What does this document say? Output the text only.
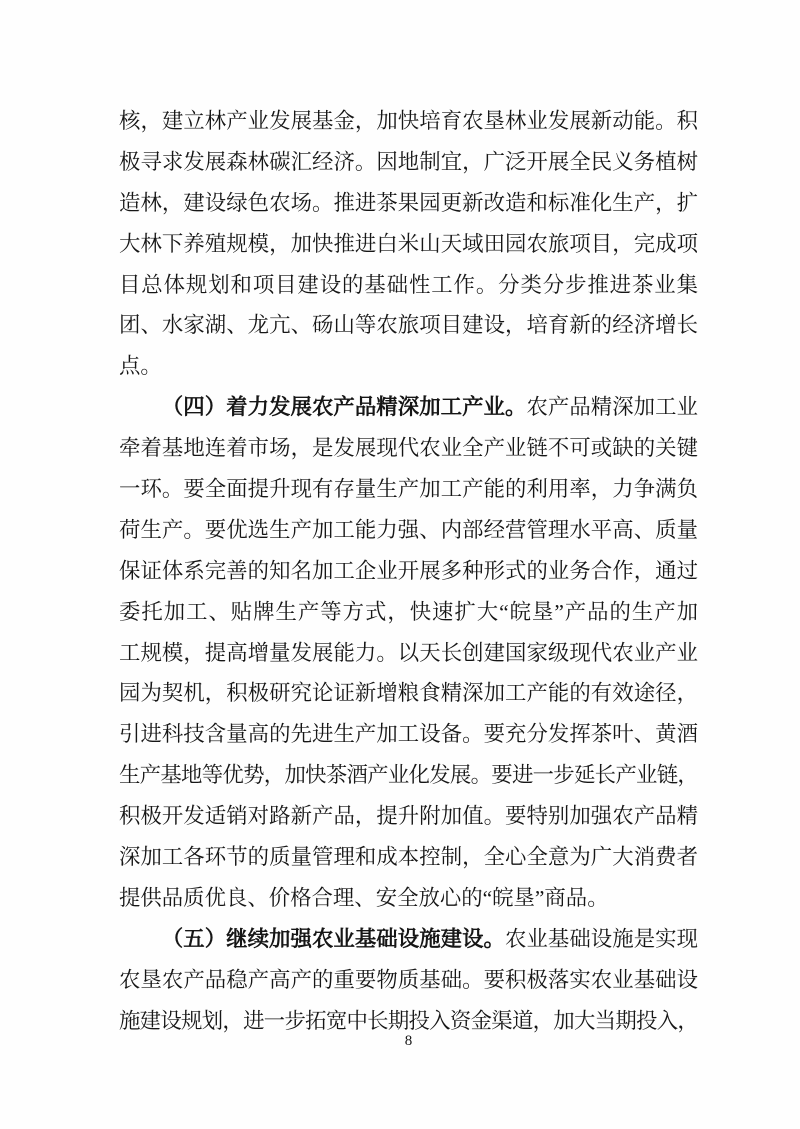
核，建立林产业发展基金，加快培育农垦林业发展新动能。积
极寻求发展森林碳汇经济。因地制宜，广泛开展全民义务植树
造林，建设绿色农场。推进茶果园更新改造和标准化生产，扩
大林下养殖规模，加快推进白米山天域田园农旅项目，完成项
目总体规划和项目建设的基础性工作。分类分步推进茶业集
团、水家湖、龙亢、砀山等农旅项目建设，培育新的经济增长
点。
（四）着力发展农产品精深加工产业。农产品精深加工业
牵着基地连着市场，是发展现代农业全产业链不可或缺的关键
一环。要全面提升现有存量生产加工产能的利用率，力争满负
荷生产。要优选生产加工能力强、内部经营管理水平高、质量
保证体系完善的知名加工企业开展多种形式的业务合作，通过
委托加工、贴牌生产等方式，快速扩大“皖垦”产品的生产加
工规模，提高增量发展能力。以天长创建国家级现代农业产业
园为契机，积极研究论证新增粮食精深加工产能的有效途径，
引进科技含量高的先进生产加工设备。要充分发挥茶叶、黄酒
生产基地等优势，加快茶酒产业化发展。要进一步延长产业链，
积极开发适销对路新产品，提升附加值。要特别加强农产品精
深加工各环节的质量管理和成本控制，全心全意为广大消费者
提供品质优良、价格合理、安全放心的“皖垦”商品。
（五）继续加强农业基础设施建设。农业基础设施是实现
农垦农产品稳产高产的重要物质基础。要积极落实农业基础设
施建设规划，进一步拓宽中长期投入资金渠道，加大当期投入，
8
